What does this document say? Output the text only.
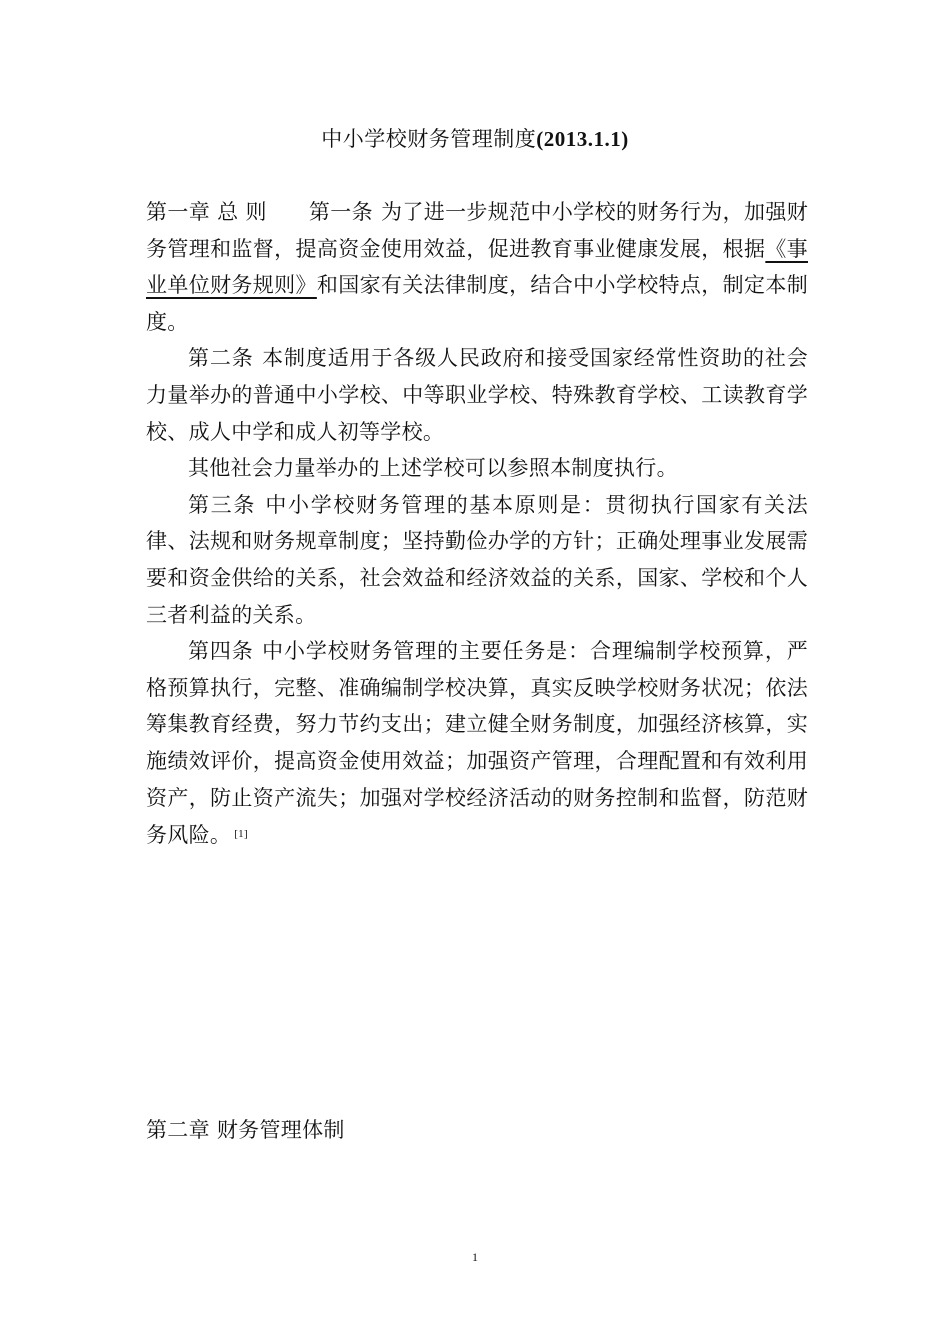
中小学校财务管理制度(2013.1.1)

第一章 总 则 第一条 为了进一步规范中小学校的财务行为，加强财务管理和监督，提高资金使用效益，促进教育事业健康发展，根据《事业单位财务规则》和国家有关法律制度，结合中小学校特点，制定本制度。

第二条 本制度适用于各级人民政府和接受国家经常性资助的社会力量举办的普通中小学校、中等职业学校、特殊教育学校、工读教育学校、成人中学和成人初等学校。

其他社会力量举办的上述学校可以参照本制度执行。

第三条 中小学校财务管理的基本原则是：贯彻执行国家有关法律、法规和财务规章制度；坚持勤俭办学的方针；正确处理事业发展需要和资金供给的关系，社会效益和经济效益的关系，国家、学校和个人三者利益的关系。

第四条 中小学校财务管理的主要任务是：合理编制学校预算，严格预算执行，完整、准确编制学校决算，真实反映学校财务状况；依法筹集教育经费，努力节约支出；建立健全财务制度，加强经济核算，实施绩效评价，提高资金使用效益；加强资产管理，合理配置和有效利用资产，防止资产流失；加强对学校经济活动的财务控制和监督，防范财务风险。 [1]

第二章 财务管理体制
1
